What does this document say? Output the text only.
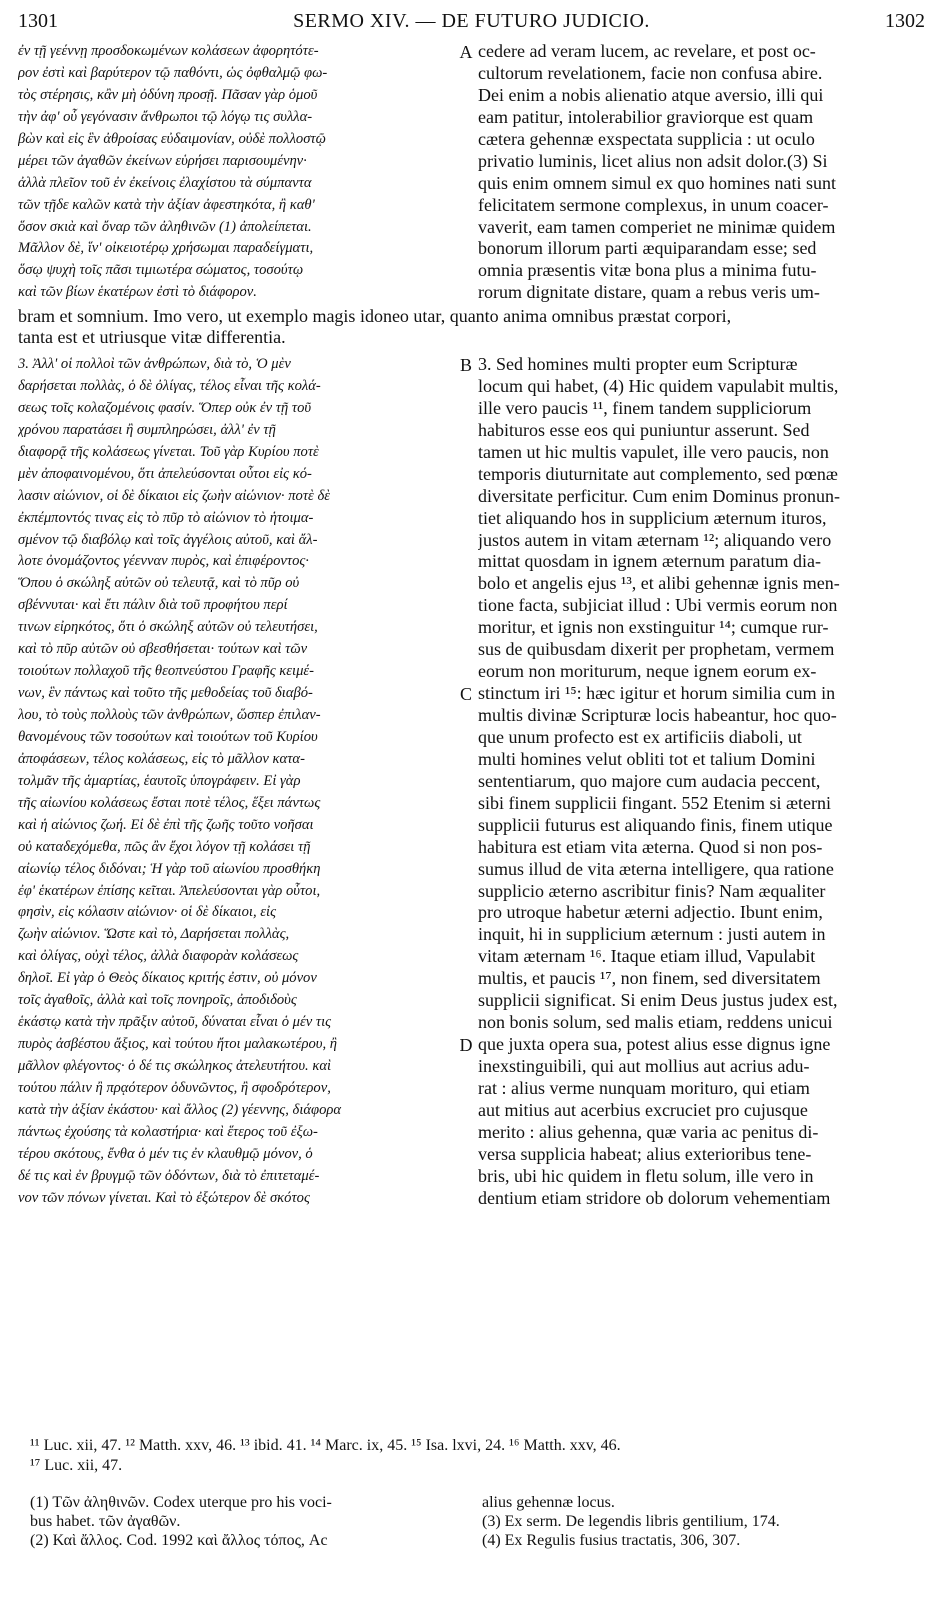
1301	SERMO XIV. — DE FUTURO JUDICIO.	1302
ἐν τῇ γεέννῃ προσδοκωμένων κολάσεων ἀφορητότε-
ρον ἐστὶ καὶ βαρύτερον τῷ παθόντι, ὡς ὀφθαλμῷ φω-
τὸς στέρησις, κἂν μὴ ὀδύνη προσῇ. Πᾶσαν γὰρ ὁμοῦ
τὴν ἀφ' οὗ γεγόνασιν ἄνθρωποι τῷ λόγῳ τις συλλα-
βὼν καὶ εἰς ἓν ἀθροίσας εὐδαιμονίαν, οὐδὲ πολλοστῷ
μέρει τῶν ἀγαθῶν ἐκείνων εὑρήσει παρισουμένην·
ἀλλὰ πλεῖον τοῦ ἐν ἐκείνοις ἐλαχίστου τὰ σύμπαντα
τῶν τῇδε καλῶν κατὰ τὴν ἀξίαν ἀφεστηκότα, ἢ καθ'
ὅσον σκιὰ καὶ ὄναρ τῶν ἀληθινῶν (1) ἀπολείπεται.
Μᾶλλον δὲ, ἵν' οἰκειοτέρῳ χρήσωμαι παραδείγματι,
ὅσῳ ψυχὴ τοῖς πᾶσι τιμιωτέρα σώματος, τοσούτῳ
καὶ τῶν βίων ἑκατέρων ἐστὶ τὸ διάφορον.
A cedere ad veram lucem, ac revelare, et post oc-
cultorum revelationem, facie non confusa abire.
Dei enim a nobis alienatio atque aversio, illi qui
eam patitur, intolerabilior graviorque est quam
cætera gehennæ exspectata supplicia : ut oculo
privatio luminis, licet alius non adsit dolor.(3) Si
quis enim omnem simul ex quo homines nati sunt
felicitatem sermone complexus, in unum coacer-
vaverit, eam tamen comperiet ne minimæ quidem
bonorum illorum parti æquiparandam esse; sed
omnia præsentis vitæ bona plus a minima futu-
rorum dignitate distare, quam a rebus veris um-
bram et somnium. Imo vero, ut exemplo magis idoneo utar, quanto anima omnibus præstat corpori,
tanta est et utriusque vitæ differentia.
3. Ἀλλ' οἱ πολλοὶ τῶν ἀνθρώπων, διὰ τὸ, Ὁ μὲν
δαρήσεται πολλὰς, ὁ δὲ ὀλίγας, τέλος εἶναι τῆς κολά-
σεως τοῖς κολαζομένοις φασίν. Ὅπερ οὐκ ἐν τῇ τοῦ
χρόνου παρατάσει ἢ συμπληρώσει, ἀλλ' ἐν τῇ
διαφορᾷ τῆς κολάσεως γίνεται. Τοῦ γὰρ Κυρίου ποτὲ
μὲν ἀποφαινομένου, ὅτι ἀπελεύσονται οὗτοι εἰς κό-
λασιν αἰώνιον, οἱ δὲ δίκαιοι εἰς ζωὴν αἰώνιον· ποτὲ δὲ
ἐκπέμποντός τινας εἰς τὸ πῦρ τὸ αἰώνιον τὸ ἡτοιμα-
σμένον τῷ διαβόλῳ καὶ τοῖς ἀγγέλοις αὐτοῦ, καὶ ἄλ-
λοτε ὀνομάζοντος γέενναν πυρὸς, καὶ ἐπιφέροντος·
Ὅπου ὁ σκώληξ αὐτῶν οὐ τελευτᾷ, καὶ τὸ πῦρ οὐ
σβέννυται· καὶ ἔτι πάλιν διὰ τοῦ προφήτου περί
τινων εἰρηκότος, ὅτι ὁ σκώληξ αὐτῶν οὐ τελευτήσει,
καὶ τὸ πῦρ αὐτῶν οὐ σβεσθήσεται· τούτων καὶ τῶν
τοιούτων πολλαχοῦ τῆς θεοπνεύστου Γραφῆς κειμέ-
νων, ἓν πάντως καὶ τοῦτο τῆς μεθοδείας τοῦ διαβό-
λου, τὸ τοὺς πολλοὺς τῶν ἀνθρώπων, ὥσπερ ἐπιλαν-
θανομένους τῶν τοσούτων καὶ τοιούτων τοῦ Κυρίου
ἀποφάσεων, τέλος κολάσεως, εἰς τὸ μᾶλλον κατα-
τολμᾶν τῆς ἁμαρτίας, ἑαυτοῖς ὑπογράφειν. Εἰ γὰρ
τῆς αἰωνίου κολάσεως ἔσται ποτὲ τέλος, ἕξει πάντως
καὶ ἡ αἰώνιος ζωή. Εἰ δὲ ἐπὶ τῆς ζωῆς τοῦτο νοῆσαι
οὐ καταδεχόμεθα, πῶς ἂν ἔχοι λόγον τῇ κολάσει τῇ
αἰωνίῳ τέλος διδόναι; Ἡ γὰρ τοῦ αἰωνίου προσθήκη
ἐφ' ἑκατέρων ἐπίσης κεῖται. Ἀπελεύσονται γὰρ οὗτοι,
φησὶν, εἰς κόλασιν αἰώνιον· οἱ δὲ δίκαιοι, εἰς
ζωὴν αἰώνιον. Ὥστε καὶ τὸ, Δαρήσεται πολλὰς,
καὶ ὀλίγας, οὐχὶ τέλος, ἀλλὰ διαφορὰν κολάσεως
δηλοῖ. Εἰ γὰρ ὁ Θεὸς δίκαιος κριτής ἐστιν, οὐ μόνον
τοῖς ἀγαθοῖς, ἀλλὰ καὶ τοῖς πονηροῖς, ἀποδιδοὺς
ἑκάστῳ κατὰ τὴν πρᾶξιν αὐτοῦ, δύναται εἶναι ὁ μέν τις
πυρὸς ἀσβέστου ἄξιος, καὶ τούτου ἤτοι μαλακωτέρου, ἢ
μᾶλλον φλέγοντος· ὁ δέ τις σκώληκος ἀτελευτήτου. καὶ
τούτου πάλιν ἢ πρᾳότερον ὀδυνῶντος, ἢ σφοδρότερον,
κατὰ τὴν ἀξίαν ἑκάστου· καὶ ἄλλος (2) γέεννης, διάφορα
πάντως ἐχούσης τὰ κολαστήρια· καὶ ἕτερος τοῦ ἐξω-
τέρου σκότους, ἔνθα ὁ μέν τις ἐν κλαυθμῷ μόνον, ὁ
δέ τις καὶ ἐν βρυγμῷ τῶν ὀδόντων, διὰ τὸ ἐπιτεταμέ-
νον τῶν πόνων γίνεται. Καὶ τὸ ἐξώτερον δὲ σκότος
B
C
D
3. Sed homines multi propter eum Scripturæ
locum qui habet, (4) Hic quidem vapulabit multis,
ille vero paucis ¹¹, finem tandem suppliciorum
habituros esse eos qui puniuntur asserunt. Sed
tamen ut hic multis vapulet, ille vero paucis, non
temporis diuturnitate aut complemento, sed pœnæ
diversitate perficitur. Cum enim Dominus pronun-
tiet aliquando hos in supplicium æternum ituros,
justos autem in vitam æternam ¹²; aliquando vero
mittat quosdam in ignem æternum paratum dia-
bolo et angelis ejus ¹³, et alibi gehennæ ignis men-
tione facta, subjiciat illud : Ubi vermis eorum non
moritur, et ignis non exstinguitur ¹⁴; cumque rur-
sus de quibusdam dixerit per prophetam, vermem
eorum non moriturum, neque ignem eorum ex-
stinctum iri ¹⁵: hæc igitur et horum similia cum in
multis divinæ Scripturæ locis habeantur, hoc quo-
que unum profecto est ex artificiis diaboli, ut
multi homines velut obliti tot et talium Domini
sententiarum, quo majore cum audacia peccent,
sibi finem supplicii fingant. 552 Etenim si æterni
supplicii futurus est aliquando finis, finem utique
habitura est etiam vita æterna. Quod si non pos-
sumus illud de vita æterna intelligere, qua ratione
supplicio æterno ascribitur finis? Nam æqualiter
pro utroque habetur æterni adjectio. Ibunt enim,
inquit, hi in supplicium æternum : justi autem in
vitam æternam ¹⁶. Itaque etiam illud, Vapulabit
multis, et paucis ¹⁷, non finem, sed diversitatem
supplicii significat. Si enim Deus justus judex est,
non bonis solum, sed malis etiam, reddens unicui
que juxta opera sua, potest alius esse dignus igne
inexstinguibili, qui aut mollius aut acrius adu-
rat : alius verme nunquam morituro, qui etiam
aut mitius aut acerbius excruciet pro cujusque
merito : alius gehenna, quæ varia ac penitus di-
versa supplicia habeat; alius exterioribus tene-
bris, ubi hic quidem in fletu solum, ille vero in
dentium etiam stridore ob dolorum vehementiam
¹¹ Luc. xii, 47. ¹² Matth. xxv, 46. ¹³ ibid. 41. ¹⁴ Marc. ix, 45. ¹⁵ Isa. lxvi, 24. ¹⁶ Matth. xxv, 46.
¹⁷ Luc. xii, 47.
(1) Τῶν ἀληθινῶν. Codex uterque pro his voci-
bus habet. τῶν ἀγαθῶν.
(2) Καὶ ἄλλος. Cod. 1992 καὶ ἄλλος τόπος, Ac
alius gehennæ locus.
(3) Ex serm. De legendis libris gentilium, 174.
(4) Ex Regulis fusius tractatis, 306, 307.
